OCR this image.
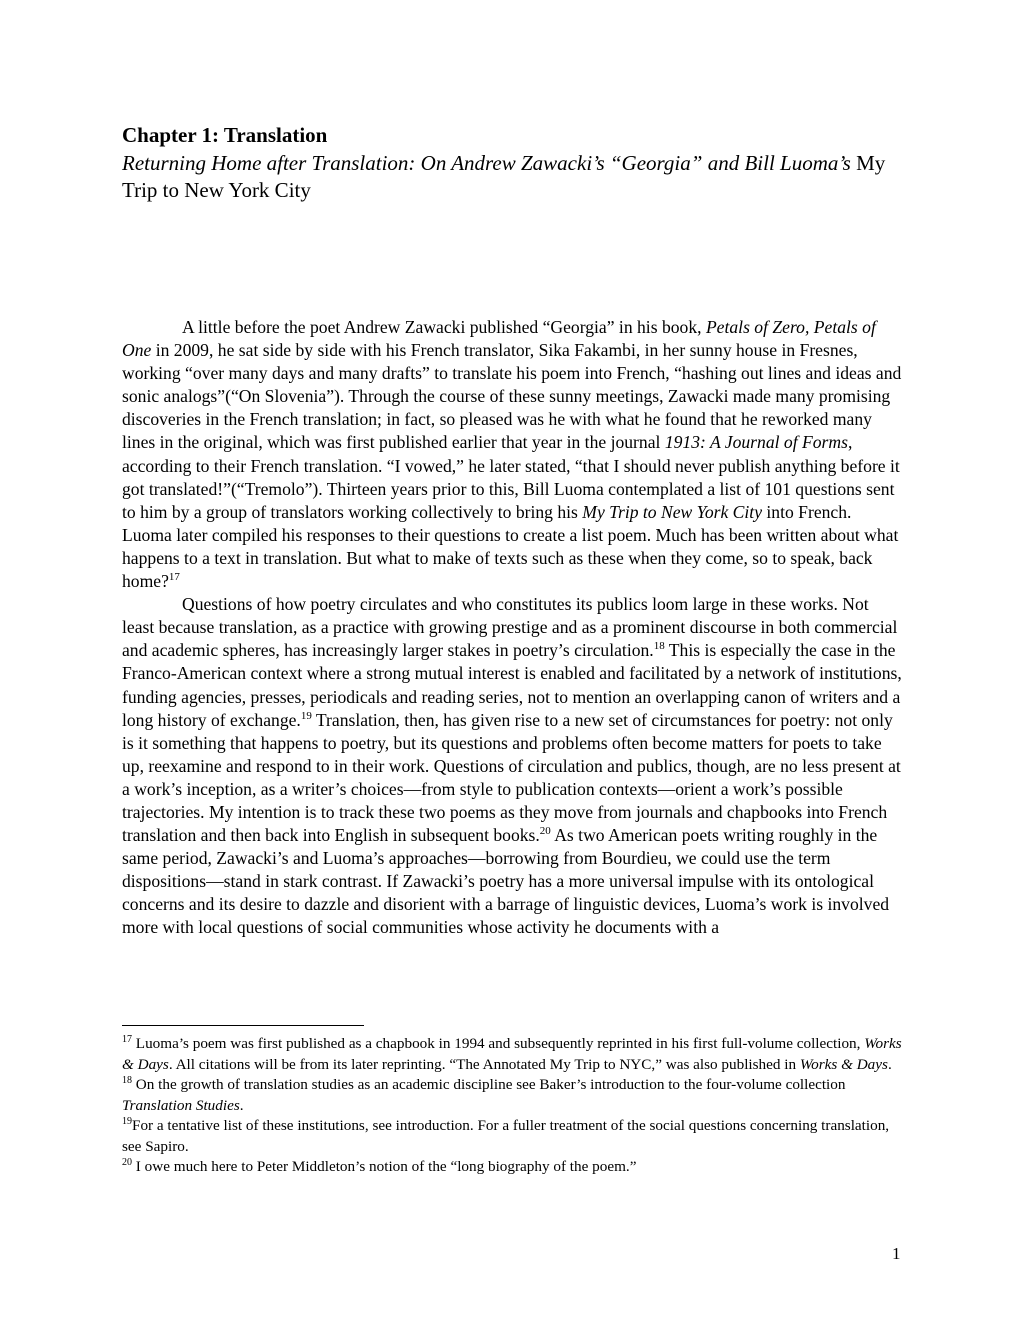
Chapter 1: Translation
Returning Home after Translation: On Andrew Zawacki’s “Georgia” and Bill Luoma’s My Trip to New York City

A little before the poet Andrew Zawacki published “Georgia” in his book, Petals of Zero, Petals of One in 2009, he sat side by side with his French translator, Sika Fakambi, in her sunny house in Fresnes, working “over many days and many drafts” to translate his poem into French, “hashing out lines and ideas and sonic analogs”(“On Slovenia”). Through the course of these sunny meetings, Zawacki made many promising discoveries in the French translation; in fact, so pleased was he with what he found that he reworked many lines in the original, which was first published earlier that year in the journal 1913: A Journal of Forms, according to their French translation. “I vowed,” he later stated, “that I should never publish anything before it got translated!”(“Tremolo”). Thirteen years prior to this, Bill Luoma contemplated a list of 101 questions sent to him by a group of translators working collectively to bring his My Trip to New York City into French. Luoma later compiled his responses to their questions to create a list poem. Much has been written about what happens to a text in translation. But what to make of texts such as these when they come, so to speak, back home?$^{17}$

Questions of how poetry circulates and who constitutes its publics loom large in these works. Not least because translation, as a practice with growing prestige and as a prominent discourse in both commercial and academic spheres, has increasingly larger stakes in poetry’s circulation.$^{18}$ This is especially the case in the Franco-American context where a strong mutual interest is enabled and facilitated by a network of institutions, funding agencies, presses, periodicals and reading series, not to mention an overlapping canon of writers and a long history of exchange.$^{19}$ Translation, then, has given rise to a new set of circumstances for poetry: not only is it something that happens to poetry, but its questions and problems often become matters for poets to take up, reexamine and respond to in their work. Questions of circulation and publics, though, are no less present at a work’s inception, as a writer’s choices—from style to publication contexts—orient a work’s possible trajectories. My intention is to track these two poems as they move from journals and chapbooks into French translation and then back into English in subsequent books.$^{20}$ As two American poets writing roughly in the same period, Zawacki’s and Luoma’s approaches—borrowing from Bourdieu, we could use the term dispositions—stand in stark contrast. If Zawacki’s poetry has a more universal impulse with its ontological concerns and its desire to dazzle and disorient with a barrage of linguistic devices, Luoma’s work is involved more with local questions of social communities whose activity he documents with a

$^{17}$ Luoma’s poem was first published as a chapbook in 1994 and subsequently reprinted in his first full-volume collection, Works & Days. All citations will be from its later reprinting. “The Annotated My Trip to NYC,” was also published in Works & Days.

$^{18}$ On the growth of translation studies as an academic discipline see Baker’s introduction to the four-volume collection Translation Studies.

$^{19}$For a tentative list of these institutions, see introduction. For a fuller treatment of the social questions concerning translation, see Sapiro.

$^{20}$ I owe much here to Peter Middleton’s notion of the “long biography of the poem.”

1
